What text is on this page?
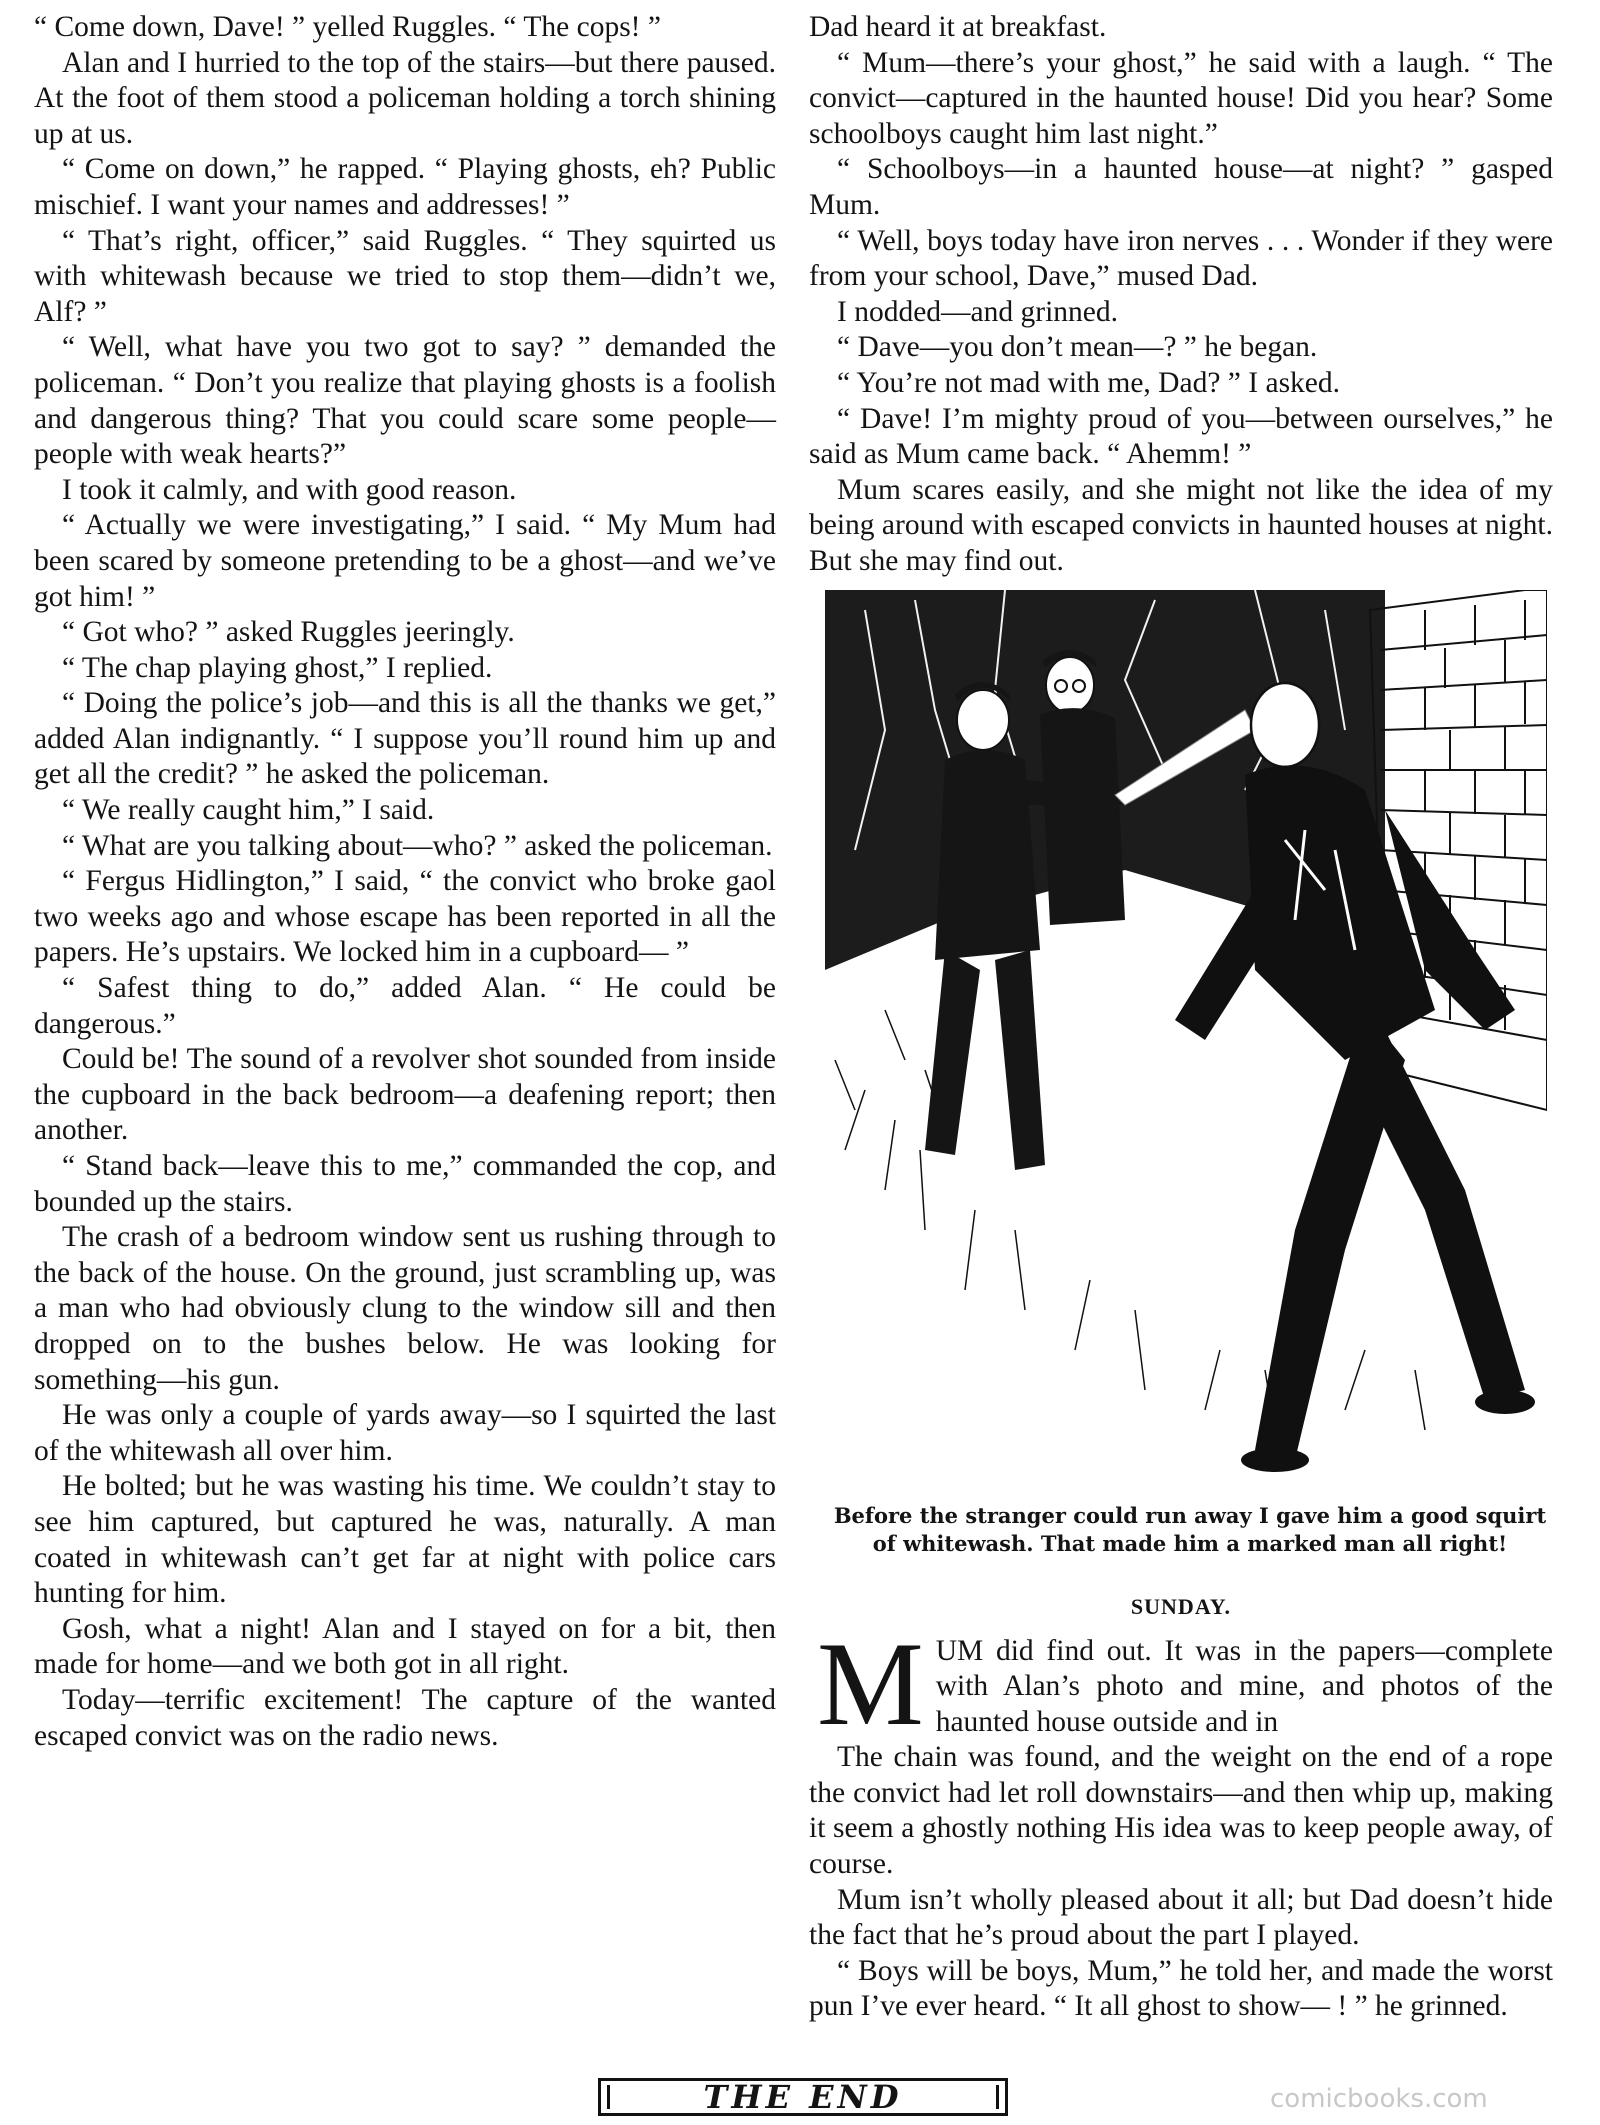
“ Come down, Dave! ” yelled Ruggles. “ The cops! ”

Alan and I hurried to the top of the stairs—but there paused. At the foot of them stood a policeman holding a torch shining up at us.

“ Come on down,” he rapped. “ Playing ghosts, eh? Public mischief. I want your names and addresses! ”

“ That’s right, officer,” said Ruggles. “ They squirted us with whitewash because we tried to stop them—didn’t we, Alf? ”

“ Well, what have you two got to say? ” demanded the policeman. “ Don’t you realize that playing ghosts is a foolish and dangerous thing? That you could scare some people—people with weak hearts?”

I took it calmly, and with good reason.

“ Actually we were investigating,” I said. “ My Mum had been scared by someone pretending to be a ghost—and we’ve got him! ”

“ Got who? ” asked Ruggles jeeringly.

“ The chap playing ghost,” I replied.

“ Doing the police’s job—and this is all the thanks we get,” added Alan indignantly. “ I suppose you’ll round him up and get all the credit? ” he asked the policeman.

“ We really caught him,” I said.

“ What are you talking about—who? ” asked the policeman.

“ Fergus Hidlington,” I said, “ the convict who broke gaol two weeks ago and whose escape has been reported in all the papers. He’s upstairs. We locked him in a cupboard— ”

“ Safest thing to do,” added Alan. “ He could be dangerous.”

Could be! The sound of a revolver shot sounded from inside the cupboard in the back bedroom—a deafening report; then another.

“ Stand back—leave this to me,” commanded the cop, and bounded up the stairs.

The crash of a bedroom window sent us rushing through to the back of the house. On the ground, just scrambling up, was a man who had obviously clung to the window sill and then dropped on to the bushes below. He was looking for something—his gun.

He was only a couple of yards away—so I squirted the last of the whitewash all over him.

He bolted; but he was wasting his time. We couldn’t stay to see him captured, but captured he was, naturally. A man coated in whitewash can’t get far at night with police cars hunting for him.

Gosh, what a night! Alan and I stayed on for a bit, then made for home—and we both got in all right.

Today—terrific excitement! The capture of the wanted escaped convict was on the radio news.

Dad heard it at breakfast.

“ Mum—there’s your ghost,” he said with a laugh. “ The convict—captured in the haunted house! Did you hear? Some schoolboys caught him last night.”

“ Schoolboys—in a haunted house—at night? ” gasped Mum.

“ Well, boys today have iron nerves . . . Wonder if they were from your school, Dave,” mused Dad.

I nodded—and grinned.

“ Dave—you don’t mean—? ” he began.

“ You’re not mad with me, Dad? ” I asked.

“ Dave! I’m mighty proud of you—between ourselves,” he said as Mum came back. “ Ahemm! ”

Mum scares easily, and she might not like the idea of my being around with escaped convicts in haunted houses at night. But she may find out.

Before the stranger could run away I gave him a good squirt of whitewash. That made him a marked man all right!
SUNDAY.

MUM did find out. It was in the papers—complete with Alan’s photo and mine, and photos of the haunted house outside and in

The chain was found, and the weight on the end of a rope the convict had let roll downstairs—and then whip up, making it seem a ghostly nothing His idea was to keep people away, of course.

Mum isn’t wholly pleased about it all; but Dad doesn’t hide the fact that he’s proud about the part I played.

“ Boys will be boys, Mum,” he told her, and made the worst pun I’ve ever heard. “ It all ghost to show— ! ” he grinned.

THE END	comicbooks.com
